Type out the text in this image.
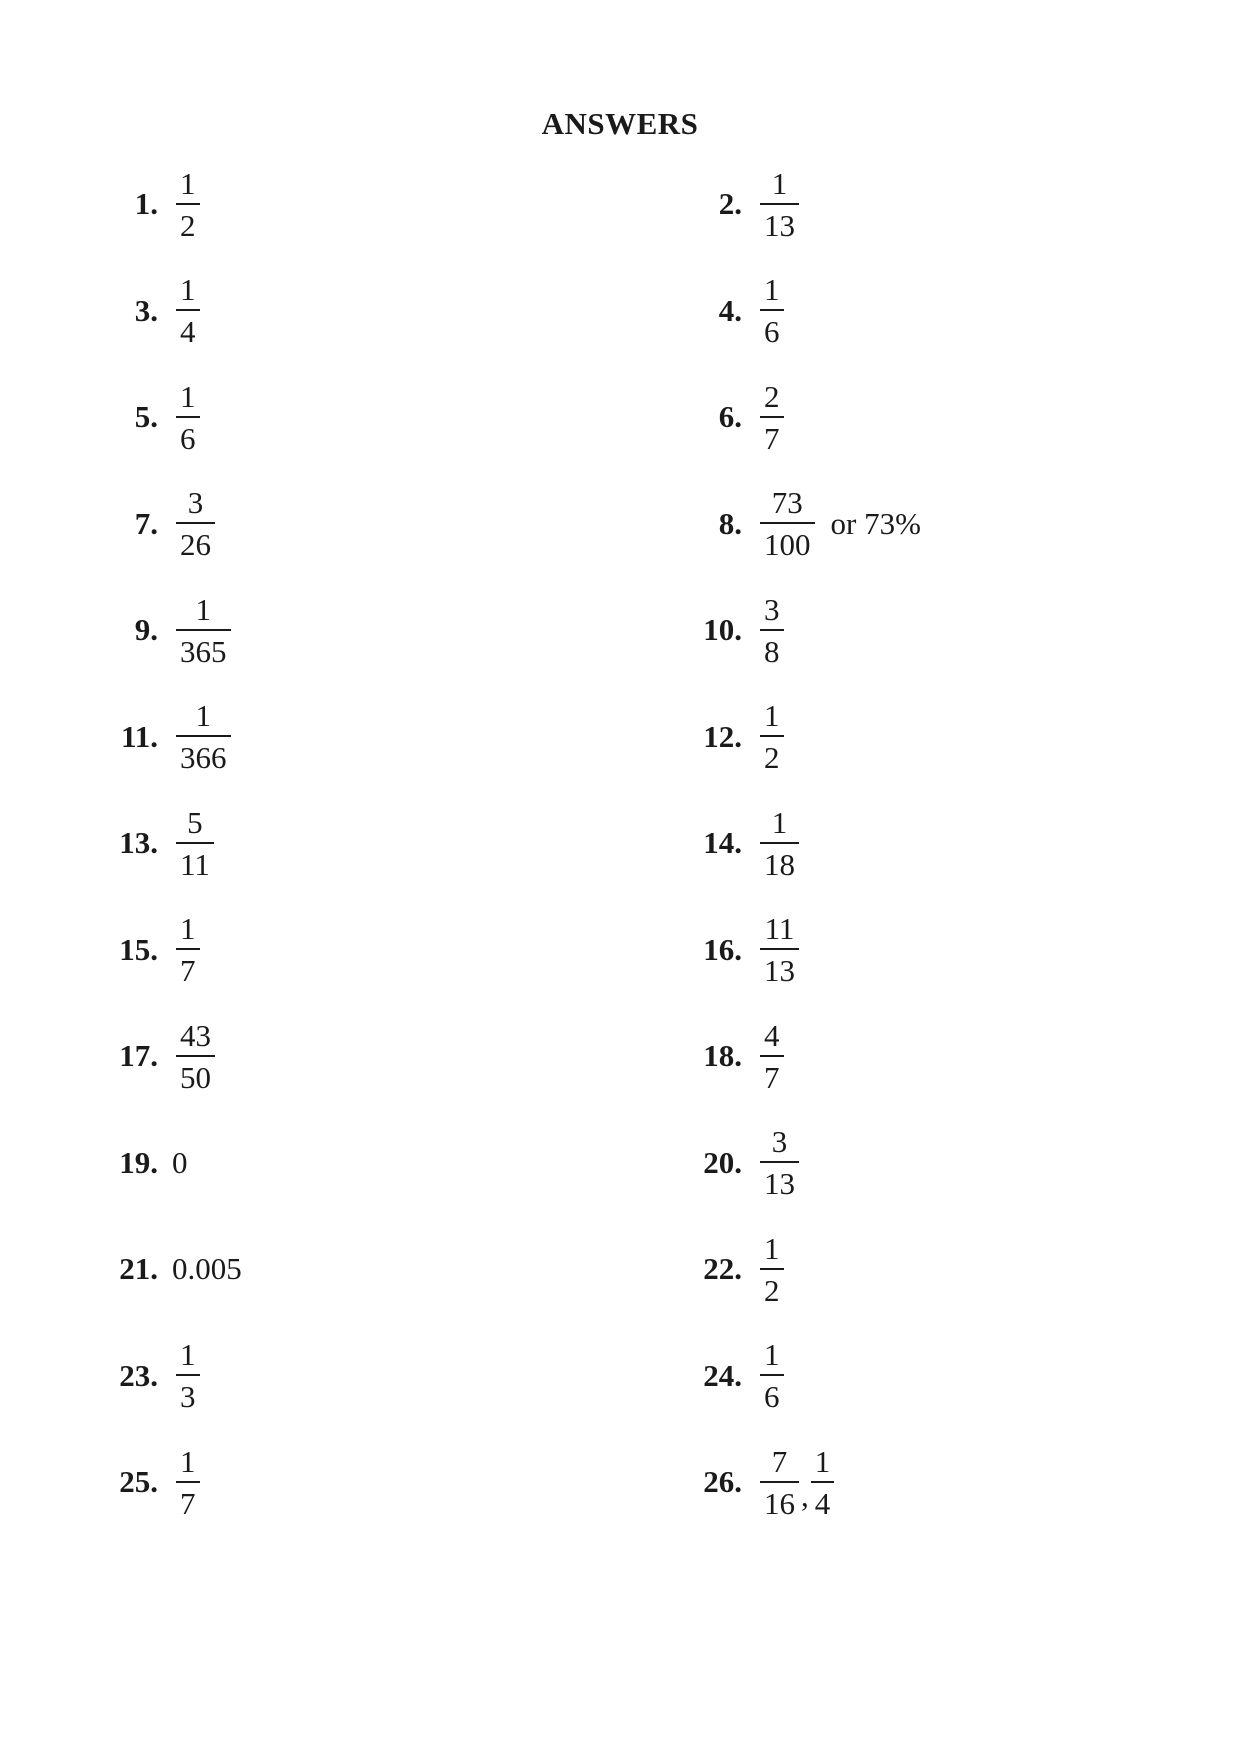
ANSWERS
1. $\frac{1}{2}$	2. $\frac{1}{13}$
3. $\frac{1}{4}$	4. $\frac{1}{6}$
5. $\frac{1}{6}$	6. $\frac{2}{7}$
7. $\frac{3}{26}$	8. $\frac{73}{100}$ or 73%
9. $\frac{1}{365}$	10. $\frac{3}{8}$
11. $\frac{1}{366}$	12. $\frac{1}{2}$
13. $\frac{5}{11}$	14. $\frac{1}{18}$
15. $\frac{1}{7}$	16. $\frac{11}{13}$
17. $\frac{43}{50}$	18. $\frac{4}{7}$
19. 0	20. $\frac{3}{13}$
21. 0.005	22. $\frac{1}{2}$
23. $\frac{1}{3}$	24. $\frac{1}{6}$
25. $\frac{1}{7}$	26. $\frac{7}{16}$ , $\frac{1}{4}$
